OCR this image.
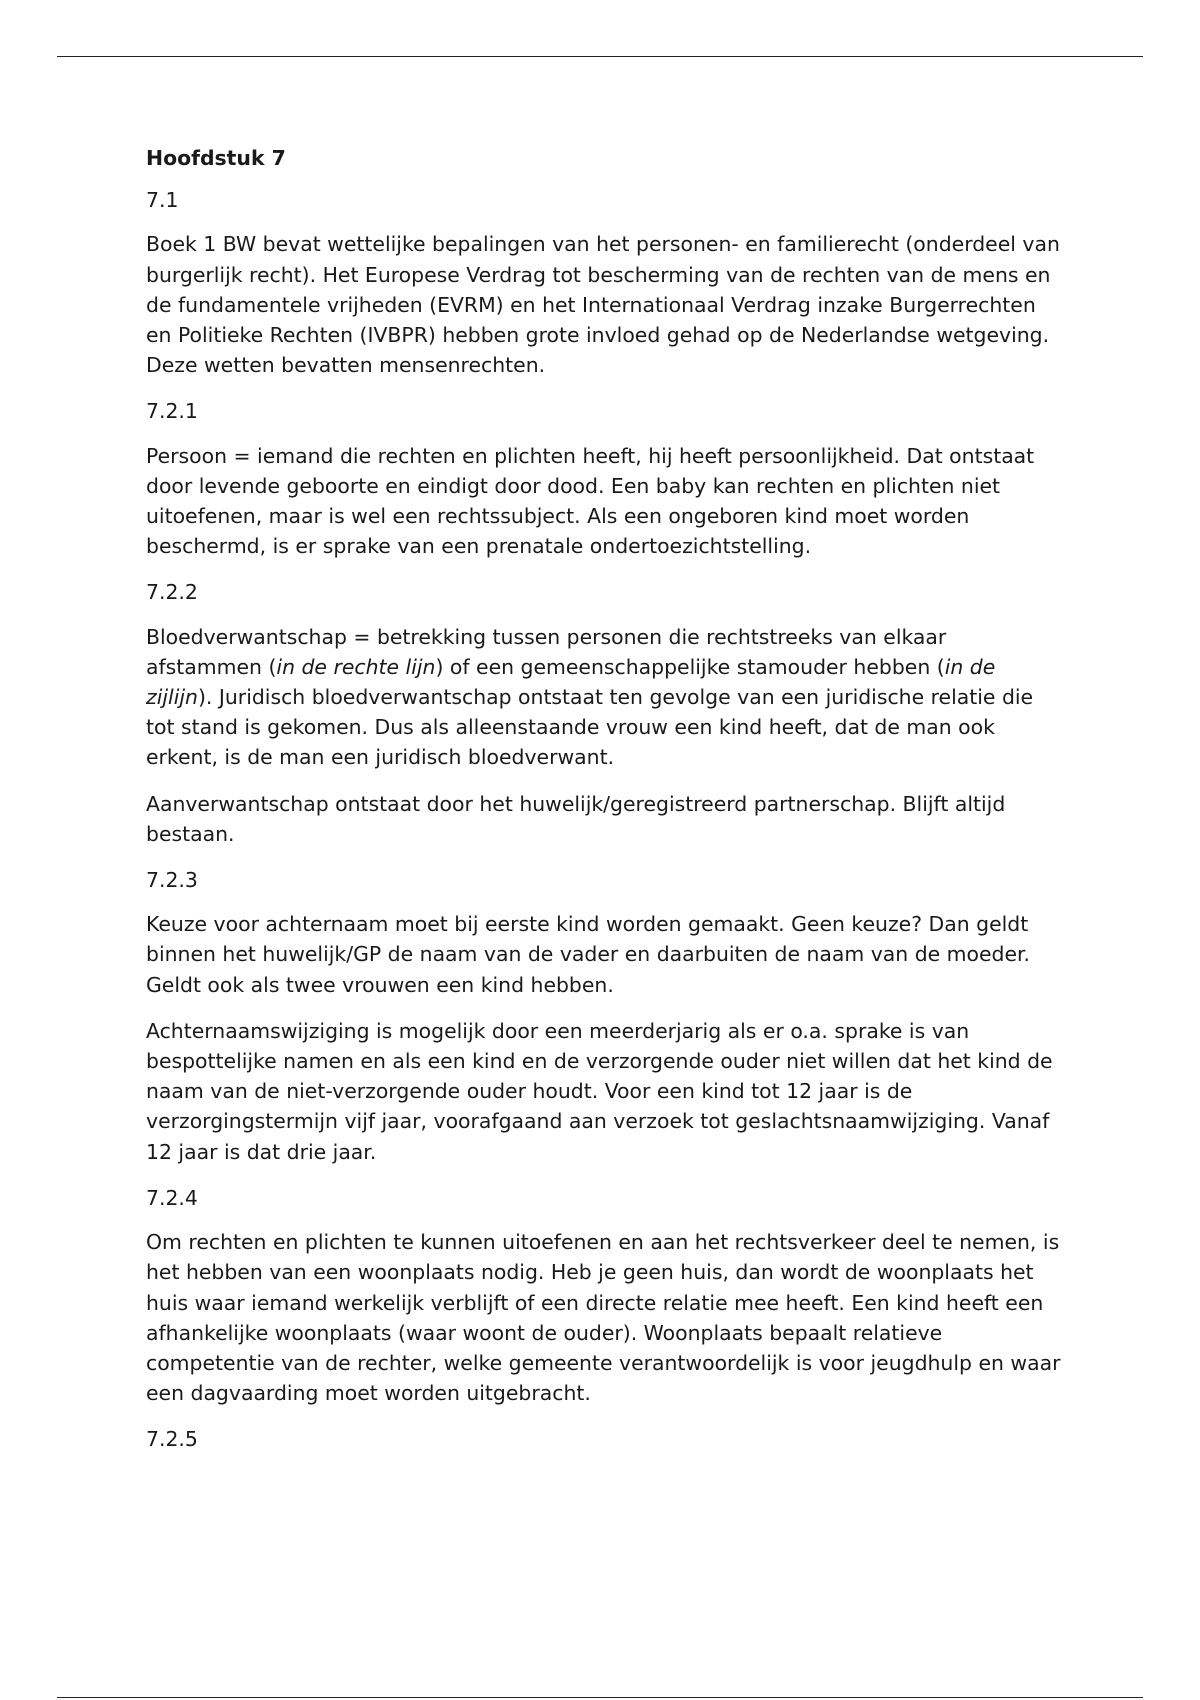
Hoofdstuk 7

7.1

Boek 1 BW bevat wettelijke bepalingen van het personen- en familierecht (onderdeel van burgerlijk recht). Het Europese Verdrag tot bescherming van de rechten van de mens en de fundamentele vrijheden (EVRM) en het Internationaal Verdrag inzake Burgerrechten en Politieke Rechten (IVBPR) hebben grote invloed gehad op de Nederlandse wetgeving. Deze wetten bevatten mensenrechten.

7.2.1

Persoon = iemand die rechten en plichten heeft, hij heeft persoonlijkheid. Dat ontstaat door levende geboorte en eindigt door dood. Een baby kan rechten en plichten niet uitoefenen, maar is wel een rechtssubject. Als een ongeboren kind moet worden beschermd, is er sprake van een prenatale ondertoezichtstelling.

7.2.2

Bloedverwantschap = betrekking tussen personen die rechtstreeks van elkaar afstammen (in de rechte lijn) of een gemeenschappelijke stamouder hebben (in de zijlijn). Juridisch bloedverwantschap ontstaat ten gevolge van een juridische relatie die tot stand is gekomen. Dus als alleenstaande vrouw een kind heeft, dat de man ook erkent, is de man een juridisch bloedverwant.

Aanverwantschap ontstaat door het huwelijk/geregistreerd partnerschap. Blijft altijd bestaan.

7.2.3

Keuze voor achternaam moet bij eerste kind worden gemaakt. Geen keuze? Dan geldt binnen het huwelijk/GP de naam van de vader en daarbuiten de naam van de moeder. Geldt ook als twee vrouwen een kind hebben.

Achternaamswijziging is mogelijk door een meerderjarig als er o.a. sprake is van bespottelijke namen en als een kind en de verzorgende ouder niet willen dat het kind de naam van de niet-verzorgende ouder houdt. Voor een kind tot 12 jaar is de verzorgingstermijn vijf jaar, voorafgaand aan verzoek tot geslachtsnaamwijziging. Vanaf 12 jaar is dat drie jaar.

7.2.4

Om rechten en plichten te kunnen uitoefenen en aan het rechtsverkeer deel te nemen, is het hebben van een woonplaats nodig. Heb je geen huis, dan wordt de woonplaats het huis waar iemand werkelijk verblijft of een directe relatie mee heeft. Een kind heeft een afhankelijke woonplaats (waar woont de ouder). Woonplaats bepaalt relatieve competentie van de rechter, welke gemeente verantwoordelijk is voor jeugdhulp en waar een dagvaarding moet worden uitgebracht.

7.2.5
